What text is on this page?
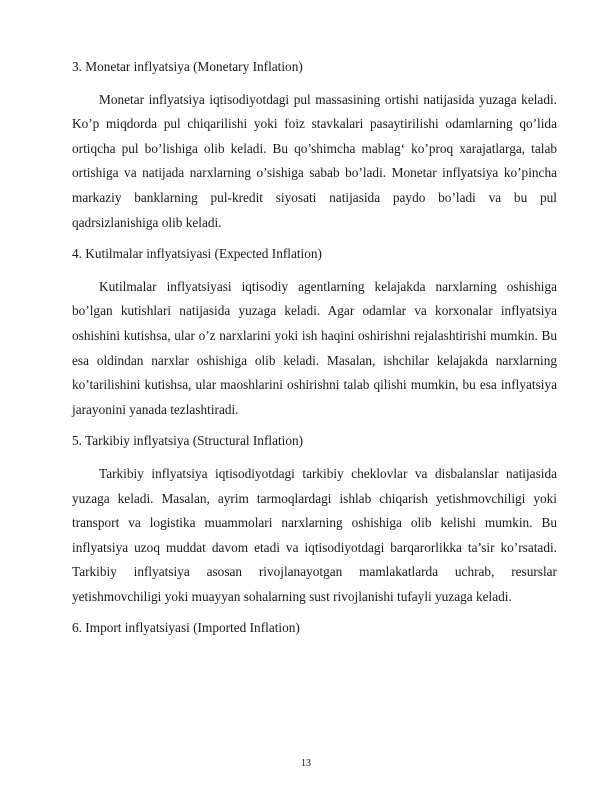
3. Monetar inflyatsiya (Monetary Inflation)

Monetar inflyatsiya iqtisodiyotdagi pul massasining ortishi natijasida yuzaga keladi. Ko’p miqdorda pul chiqarilishi yoki foiz stavkalari pasaytirilishi odamlarning qo’lida ortiqcha pul bo’lishiga olib keladi. Bu qo’shimcha mablag‘ ko’proq xarajatlarga, talab ortishiga va natijada narxlarning o’sishiga sabab bo’ladi. Monetar inflyatsiya ko’pincha markaziy banklarning pul-kredit siyosati natijasida paydo bo’ladi va bu pul qadrsizlanishiga olib keladi.

4. Kutilmalar inflyatsiyasi (Expected Inflation)

Kutilmalar inflyatsiyasi iqtisodiy agentlarning kelajakda narxlarning oshishiga bo’lgan kutishlari natijasida yuzaga keladi. Agar odamlar va korxonalar inflyatsiya oshishini kutishsa, ular o’z narxlarini yoki ish haqini oshirishni rejalashtirishi mumkin. Bu esa oldindan narxlar oshishiga olib keladi. Masalan, ishchilar kelajakda narxlarning ko’tarilishini kutishsa, ular maoshlarini oshirishni talab qilishi mumkin, bu esa inflyatsiya jarayonini yanada tezlashtiradi.

5. Tarkibiy inflyatsiya (Structural Inflation)

Tarkibiy inflyatsiya iqtisodiyotdagi tarkibiy cheklovlar va disbalanslar natijasida yuzaga keladi. Masalan, ayrim tarmoqlardagi ishlab chiqarish yetishmovchiligi yoki transport va logistika muammolari narxlarning oshishiga olib kelishi mumkin. Bu inflyatsiya uzoq muddat davom etadi va iqtisodiyotdagi barqarorlikka ta’sir ko’rsatadi. Tarkibiy inflyatsiya asosan rivojlanayotgan mamlakatlarda uchrab, resurslar yetishmovchiligi yoki muayyan sohalarning sust rivojlanishi tufayli yuzaga keladi.

6. Import inflyatsiyasi (Imported Inflation)

13
